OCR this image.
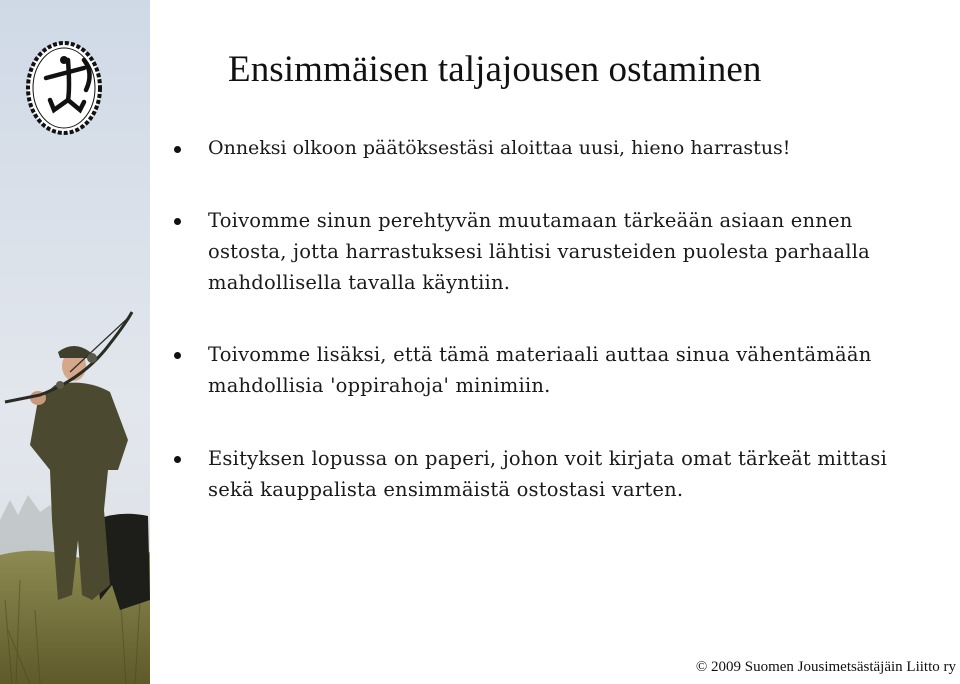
Ensimmäisen taljajousen ostaminen
Onneksi olkoon päätöksestäsi aloittaa uusi, hieno harrastus!
Toivomme sinun perehtyvän muutamaan tärkeään asiaan ennen ostosta, jotta harrastuksesi lähtisi varusteiden puolesta parhaalla mahdollisella tavalla käyntiin.
Toivomme lisäksi, että tämä materiaali auttaa sinua vähentämään mahdollisia 'oppirahoja' minimiin.
Esityksen lopussa on paperi, johon voit kirjata omat tärkeät mittasi sekä kauppalista ensimmäistä ostostasi varten.
© 2009 Suomen Jousimetsästäjäin Liitto ry
